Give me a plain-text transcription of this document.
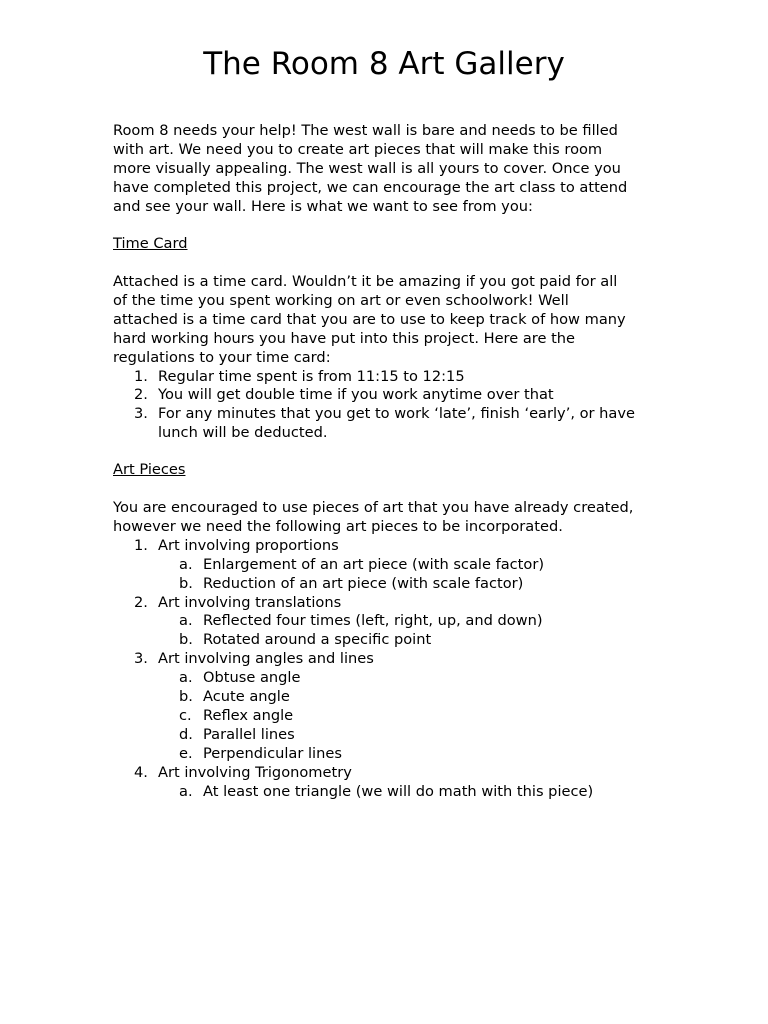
The Room 8 Art Gallery
Room 8 needs your help! The west wall is bare and needs to be filled
with art. We need you to create art pieces that will make this room
more visually appealing. The west wall is all yours to cover. Once you
have completed this project, we can encourage the art class to attend
and see your wall. Here is what we want to see from you:
Time Card
Attached is a time card. Wouldn’t it be amazing if you got paid for all
of the time you spent working on art or even schoolwork! Well
attached is a time card that you are to use to keep track of how many
hard working hours you have put into this project. Here are the
regulations to your time card:
1. Regular time spent is from 11:15 to 12:15
2. You will get double time if you work anytime over that
3. For any minutes that you get to work ‘late’, finish ‘early’, or have
lunch will be deducted.
Art Pieces
You are encouraged to use pieces of art that you have already created,
however we need the following art pieces to be incorporated.
1. Art involving proportions
a. Enlargement of an art piece (with scale factor)
b. Reduction of an art piece (with scale factor)
2. Art involving translations
a. Reflected four times (left, right, up, and down)
b. Rotated around a specific point
3. Art involving angles and lines
a. Obtuse angle
b. Acute angle
c. Reflex angle
d. Parallel lines
e. Perpendicular lines
4. Art involving Trigonometry
a. At least one triangle (we will do math with this piece)
